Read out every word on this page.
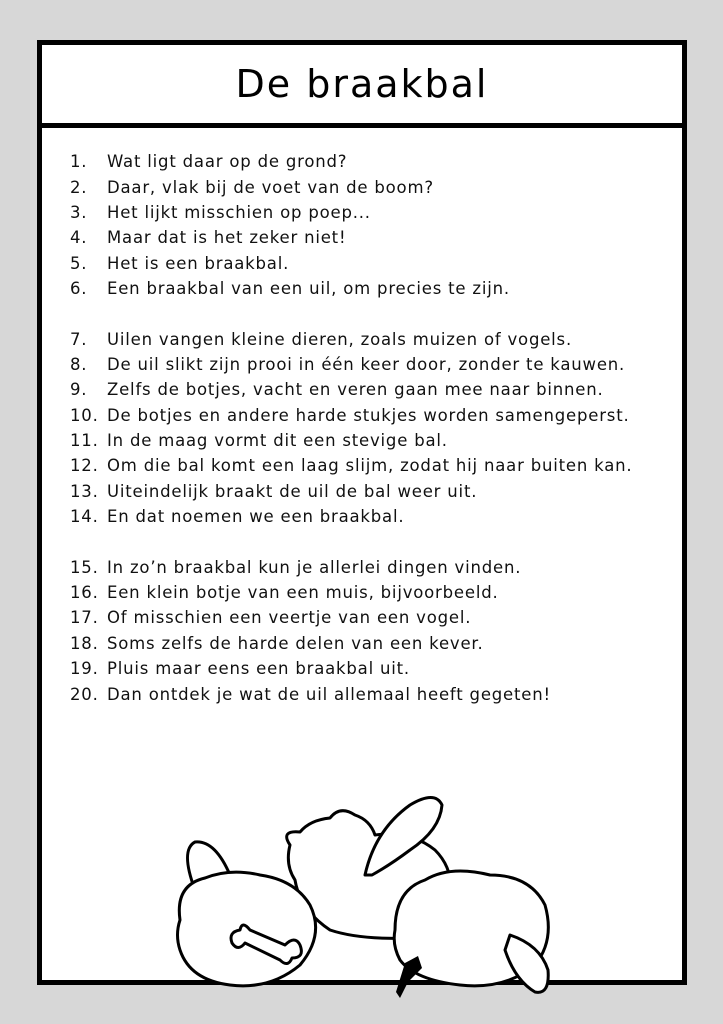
De braakbal
1.	Wat ligt daar op de grond?
2.	Daar, vlak bij de voet van de boom?
3.	Het lijkt misschien op poep...
4.	Maar dat is het zeker niet!
5.	Het is een braakbal.
6.	Een braakbal van een uil, om precies te zijn.
7.	Uilen vangen kleine dieren, zoals muizen of vogels.
8.	De uil slikt zijn prooi in één keer door, zonder te kauwen.
9.	Zelfs de botjes, vacht en veren gaan mee naar binnen.
10. De botjes en andere harde stukjes worden samengeperst.
11. In de maag vormt dit een stevige bal.
12. Om die bal komt een laag slijm, zodat hij naar buiten kan.
13. Uiteindelijk braakt de uil de bal weer uit.
14. En dat noemen we een braakbal.
15. In zo’n braakbal kun je allerlei dingen vinden.
16. Een klein botje van een muis, bijvoorbeeld.
17. Of misschien een veertje van een vogel.
18. Soms zelfs de harde delen van een kever.
19. Pluis maar eens een braakbal uit.
20. Dan ontdek je wat de uil allemaal heeft gegeten!
